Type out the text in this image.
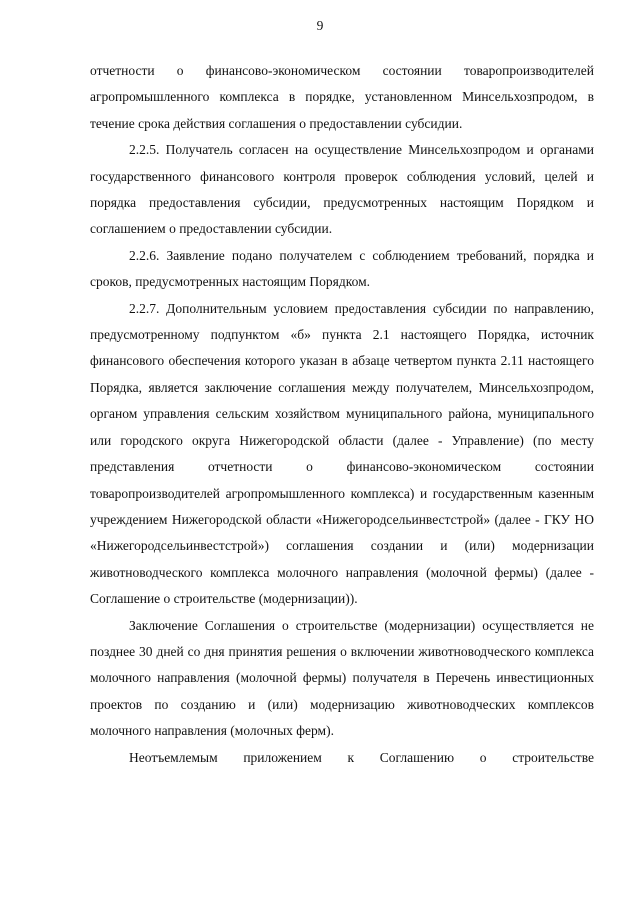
9

отчетности о финансово-экономическом состоянии товаропроизводителей агропромышленного комплекса в порядке, установленном Минсельхозпродом, в течение срока действия соглашения о предоставлении субсидии.

2.2.5. Получатель согласен на осуществление Минсельхозпродом и органами государственного финансового контроля проверок соблюдения условий, целей и порядка предоставления субсидии, предусмотренных настоящим Порядком и соглашением о предоставлении субсидии.

2.2.6. Заявление подано получателем с соблюдением требований, порядка и сроков, предусмотренных настоящим Порядком.

2.2.7. Дополнительным условием предоставления субсидии по направлению, предусмотренному подпунктом «б» пункта 2.1 настоящего Порядка, источник финансового обеспечения которого указан в абзаце четвертом пункта 2.11 настоящего Порядка, является заключение соглашения между получателем, Минсельхозпродом, органом управления сельским хозяйством муниципального района, муниципального или городского округа Нижегородской области (далее - Управление) (по месту представления отчетности о финансово-экономическом состоянии товаропроизводителей агропромышленного комплекса) и государственным казенным учреждением Нижегородской области «Нижегородсельинвестстрой» (далее - ГКУ НО «Нижегородсельинвестстрой») соглашения создании и (или) модернизации животноводческого комплекса молочного направления (молочной фермы) (далее - Соглашение о строительстве (модернизации)).

Заключение Соглашения о строительстве (модернизации) осуществляется не позднее 30 дней со дня принятия решения о включении животноводческого комплекса молочного направления (молочной фермы) получателя в Перечень инвестиционных проектов по созданию и (или) модернизацию животноводческих комплексов молочного направления (молочных ферм).

Неотъемлемым приложением к Соглашению о строительстве
